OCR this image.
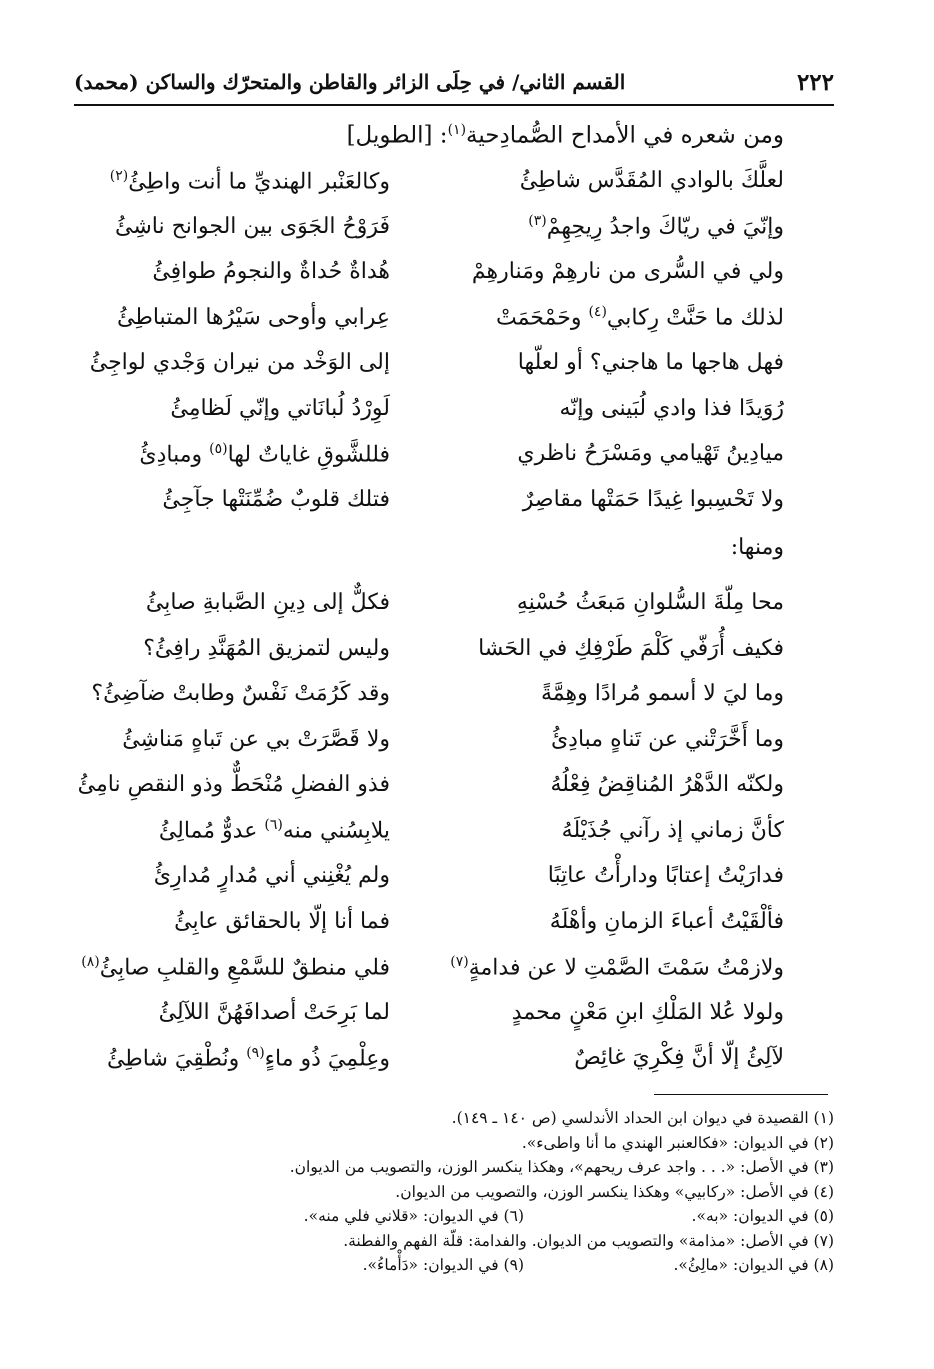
٢٢٢
القسم الثاني/ في حِلَى الزائر والقاطن والمتحرّك والساكن (محمد)
ومن شعره في الأمداح الصُّمادِحية$^{(١)}$: [الطويل]
لعلَّكَ بالوادي المُقَدَّس شاطِئُ
وكالعَنْبر الهنديِّ ما أنت واطِئُ$^{(٢)}$
وإنّيَ في ريّاكَ واجدُ رِيحِهِمْ$^{(٣)}$
فَرَوْحُ الجَوَى بين الجوانح ناشِئُ
ولي في السُّرى من نارهِمْ ومَنارهِمْ
هُداةٌ حُداةٌ والنجومُ طوافِئُ
لذلك ما حَنَّتْ رِكابي$^{(٤)}$ وحَمْحَمَتْ
عِرابي وأوحى سَيْرُها المتباطِئُ
فهل هاجها ما هاجني؟ أو لعلّها
إلى الوَخْد من نيران وَجْدي لواجِئُ
رُوَيدًا فذا وادي لُبَينى وإنّه
لَوِرْدُ لُبانَاتي وإنّي لَظامِئُ
ميادِينُ تَهْيامي ومَسْرَحُ ناظري
فللشَّوقِ غاياتٌ لها$^{(٥)}$ ومبادِئُ
ولا تَحْسِبوا غِيدًا حَمَتْها مقاصِرٌ
فتلك قلوبٌ ضُمِّنَتْها جآجِئُ
ومنها:
محا مِلّةَ السُّلوانِ مَبعَثُ حُسْنِهِ
فكلٌّ إلى دِينِ الصَّبابةِ صابِئُ
فكيف أُرَفّي كَلْمَ طَرْفِكِ في الحَشا
وليس لتمزيق المُهَنَّدِ رافِئُ؟
وما ليَ لا أسمو مُرادًا وهِمَّةً
وقد كَرُمَتْ نَفْسٌ وطابتْ ضآضِئُ؟
وما أَخَّرَتْني عن تَناهٍ مبادِئُ
ولا قَصَّرَتْ بي عن تَباهٍ مَناشِئُ
ولكنّه الدَّهْرُ المُناقِضُ فِعْلُهُ
فذو الفضلِ مُنْحَطٌّ وذو النقصِ نامِئُ
كأنَّ زماني إذ رآني جُذَيْلَهُ
يلابِسُني منه$^{(٦)}$ عدوٌّ مُمالِئُ
فدارَيْتُ إعتابًا ودارأْتُ عاتِبًا
ولم يُغْنِني أني مُدارٍ مُدارِئُ
فألْقَيْتُ أعباءَ الزمانِ وأهْلَهُ
فما أنا إلّا بالحقائق عابِئُ
ولازمْتُ سَمْتَ الصَّمْتِ لا عن فدامةٍ$^{(٧)}$
فلي منطقٌ للسَّمْعِ والقلبِ صابِئُ$^{(٨)}$
ولولا عُلا المَلْكِ ابنِ مَعْنٍ محمدٍ
لما بَرِحَتْ أصدافَهُنَّ اللآلِئُ
لآلِئُ إلّا أنَّ فِكْرِيَ غائِصٌ
وعِلْمِيَ ذُو ماءٍ$^{(٩)}$ ونُطْقِيَ شاطِئُ
(١) القصيدة في ديوان ابن الحداد الأندلسي (ص ١٤٠ ـ ١٤٩).
(٢) في الديوان: «فكالعنبر الهندي ما أنا واطىء».
(٣) في الأصل: «. . . واجد عرف ريحهم»، وهكذا ينكسر الوزن، والتصويب من الديوان.
(٤) في الأصل: «ركابيي» وهكذا ينكسر الوزن، والتصويب من الديوان.
(٥) في الديوان: «به».
(٦) في الديوان: «قلاني فلي منه».
(٧) في الأصل: «مذامة» والتصويب من الديوان. والفدامة: قلّة الفهم والفطنة.
(٨) في الديوان: «مالِئُ».
(٩) في الديوان: «دَأْماءُ».
